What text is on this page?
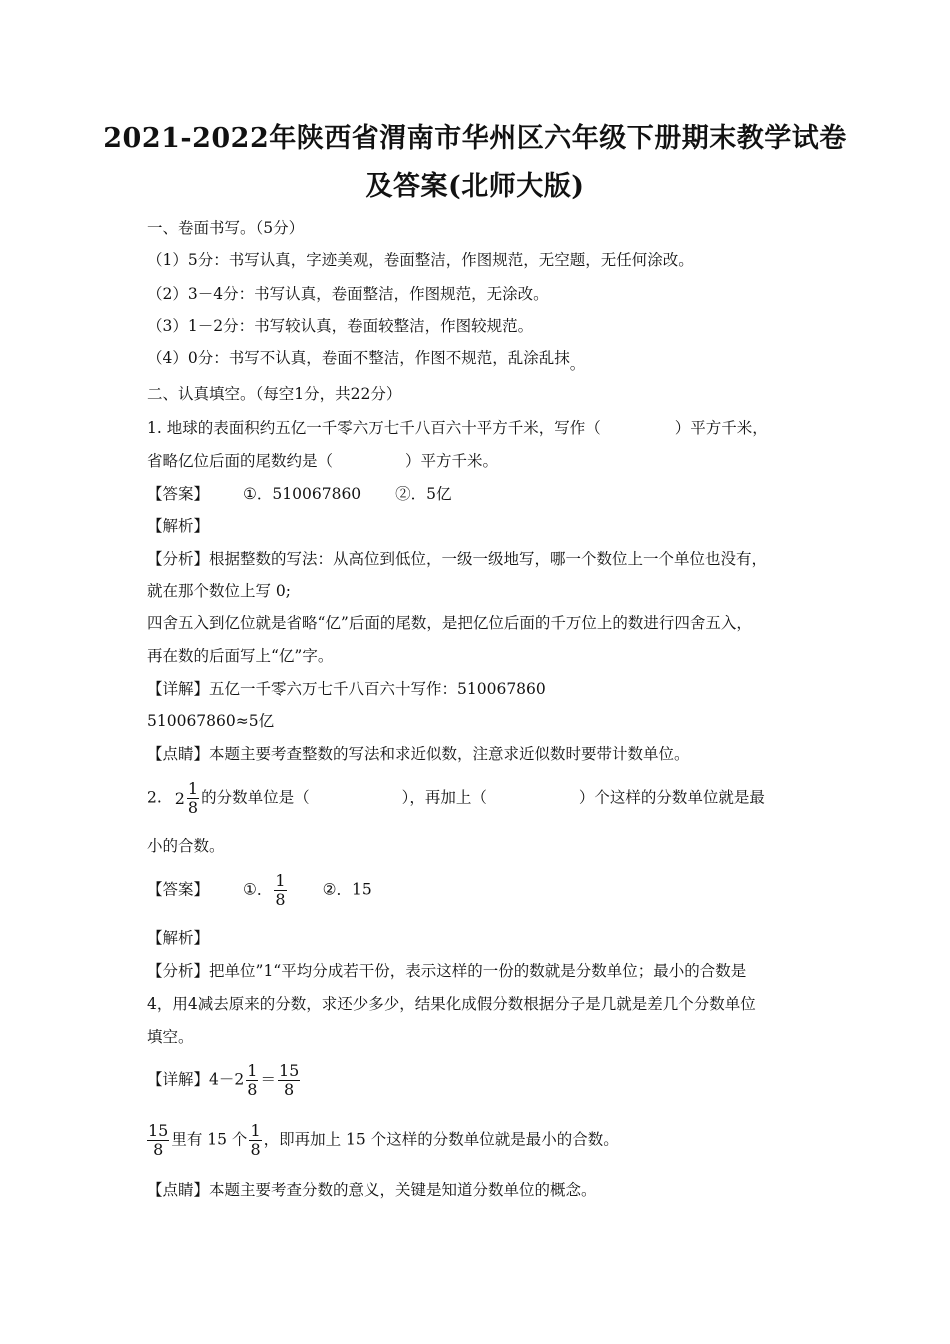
2021-2022年陕西省渭南市华州区六年级下册期末教学试卷
及答案(北师大版)
一、卷面书写。（5分）
（1）5分：书写认真，字迹美观，卷面整洁，作图规范，无空题，无任何涂改。
（2）3－4分：书写认真，卷面整洁，作图规范，无涂改。
（3）1－2分：书写较认真，卷面较整洁，作图较规范。
（4）0分：书写不认真，卷面不整洁，作图不规范，乱涂乱抹。
二、认真填空。（每空1分，共22分）
1. 地球的表面积约五亿一千零六万七千八百六十平方千米，写作（	）平方千米，
省略亿位后面的尾数约是（	）平方千米。
【答案】 ①．510067860 ②．5亿
【解析】
【分析】根据整数的写法：从高位到低位，一级一级地写，哪一个数位上一个单位也没有，
就在那个数位上写 0;
四舍五入到亿位就是省略“亿”后面的尾数，是把亿位后面的千万位上的数进行四舍五入，
再在数的后面写上“亿”字。
【详解】五亿一千零六万七千八百六十写作：510067860
510067860≈5亿
【点睛】本题主要考查整数的写法和求近似数，注意求近似数时要带计数单位。
2. $2 \frac{1}{8}$ 的分数单位是（	），再加上（	）个这样的分数单位就是最
小的合数。
【答案】 ①． $\frac{1}{8}$ ②．15
【解析】
【分析】把单位”1“平均分成若干份，表示这样的一份的数就是分数单位；最小的合数是
4，用4减去原来的分数，求还少多少，结果化成假分数根据分子是几就是差几个分数单位
填空。
【详解】$4-2 \frac{1}{8} = \frac{15}{8}$
$\frac{15}{8}$ 里有 15 个 $\frac{1}{8}$ ，即再加上 15 个这样的分数单位就是最小的合数。
【点睛】本题主要考查分数的意义，关键是知道分数单位的概念。
